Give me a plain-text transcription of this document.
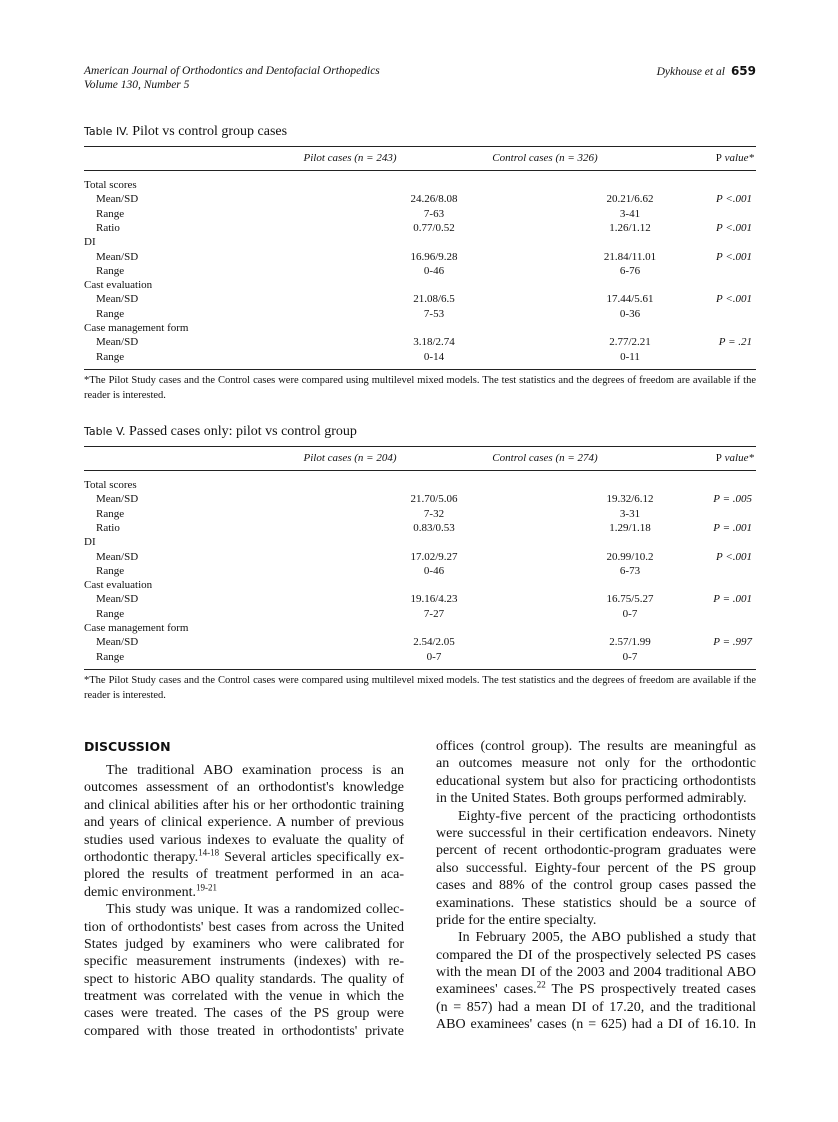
American Journal of Orthodontics and Dentofacial Orthopedics
Volume 130, Number 5
Dykhouse et al 659
Table IV. Pilot vs control group cases
Pilot cases (n = 243)	Control cases (n = 326)	P value*
Total scores
Mean/SD	24.26/8.08	20.21/6.62	P <.001
Range	7-63	3-41
Ratio	0.77/0.52	1.26/1.12	P <.001
DI
Mean/SD	16.96/9.28	21.84/11.01	P <.001
Range	0-46	6-76
Cast evaluation
Mean/SD	21.08/6.5	17.44/5.61	P <.001
Range	7-53	0-36
Case management form
Mean/SD	3.18/2.74	2.77/2.21	P = .21
Range	0-14	0-11
*The Pilot Study cases and the Control cases were compared using multilevel mixed models. The test statistics and the degrees of freedom are available if the reader is interested.
Table V. Passed cases only: pilot vs control group
Pilot cases (n = 204)	Control cases (n = 274)	P value*
Total scores
Mean/SD	21.70/5.06	19.32/6.12	P = .005
Range	7-32	3-31
Ratio	0.83/0.53	1.29/1.18	P = .001
DI
Mean/SD	17.02/9.27	20.99/10.2	P <.001
Range	0-46	6-73
Cast evaluation
Mean/SD	19.16/4.23	16.75/5.27	P = .001
Range	7-27	0-7
Case management form
Mean/SD	2.54/2.05	2.57/1.99	P = .997
Range	0-7	0-7
*The Pilot Study cases and the Control cases were compared using multilevel mixed models. The test statistics and the degrees of freedom are available if the reader is interested.
DISCUSSION
The traditional ABO examination process is an
outcomes assessment of an orthodontist's knowledge
and clinical abilities after his or her orthodontic training
and years of clinical experience. A number of previous
studies used various indexes to evaluate the quality of
orthodontic therapy.$^{14-18}$ Several articles specifically ex-
plored the results of treatment performed in an aca-
demic environment.$^{19-21}$
This study was unique. It was a randomized collec-
tion of orthodontists' best cases from across the United
States judged by examiners who were calibrated for
specific measurement instruments (indexes) with re-
spect to historic ABO quality standards. The quality of
treatment was correlated with the venue in which the
cases were treated. The cases of the PS group were
compared with those treated in orthodontists' private
offices (control group). The results are meaningful as
an outcomes measure not only for the orthodontic
educational system but also for practicing orthodontists
in the United States. Both groups performed admirably.
Eighty-five percent of the practicing orthodontists
were successful in their certification endeavors. Ninety
percent of recent orthodontic-program graduates were
also successful. Eighty-four percent of the PS group
cases and 88% of the control group cases passed the
examinations. These statistics should be a source of
pride for the entire specialty.
In February 2005, the ABO published a study that
compared the DI of the prospectively selected PS cases
with the mean DI of the 2003 and 2004 traditional ABO
examinees' cases.$^{22}$ The PS prospectively treated cases
(n = 857) had a mean DI of 17.20, and the traditional
ABO examinees' cases (n = 625) had a DI of 16.10. In
